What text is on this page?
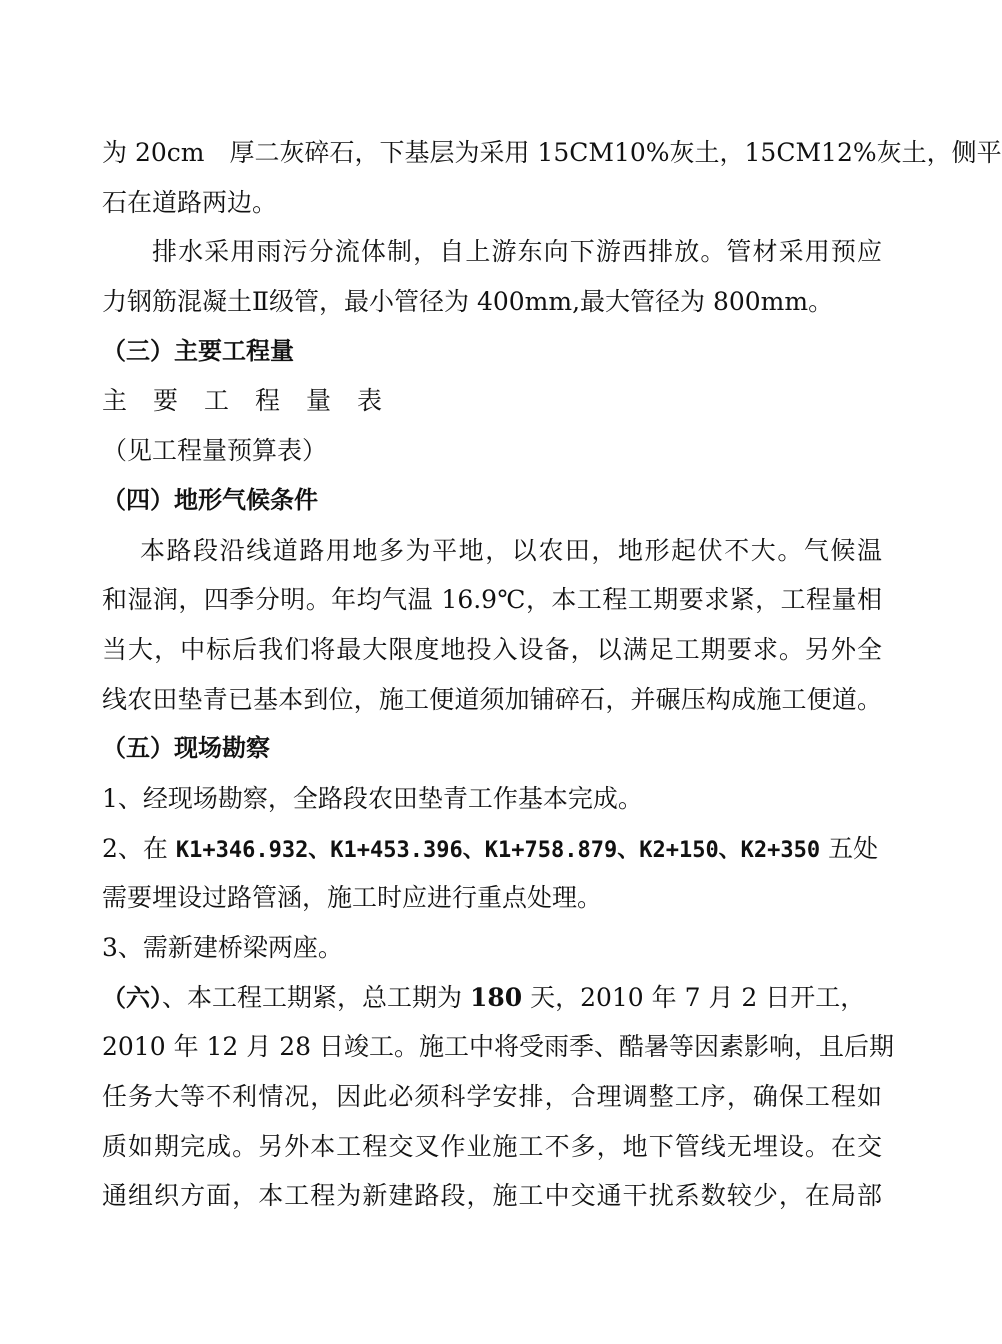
为 20cm　厚二灰碎石，下基层为采用 15CM10%灰土，15CM12%灰土，侧平
石在道路两边。
排水采用雨污分流体制，自上游东向下游西排放。管材采用预应
力钢筋混凝土Ⅱ级管，最小管径为 400mm,最大管径为 800mm。
（三）主要工程量
主 要 工 程 量 表
（见工程量预算表）
（四）地形气候条件
本路段沿线道路用地多为平地，以农田，地形起伏不大。气候温
和湿润，四季分明。年均气温 16.9℃，本工程工期要求紧，工程量相
当大，中标后我们将最大限度地投入设备，以满足工期要求。另外全
线农田垫青已基本到位，施工便道须加铺碎石，并碾压构成施工便道。
（五）现场勘察
1、经现场勘察，全路段农田垫青工作基本完成。
2、在 K1+346.932、K1+453.396、K1+758.879、K2+150、K2+350 五处
需要埋设过路管涵，施工时应进行重点处理。
3、需新建桥梁两座。
（六）、本工程工期紧，总工期为 180 天，2010 年 7 月 2 日开工，
2010 年 12 月 28 日竣工。施工中将受雨季、酷暑等因素影响，且后期
任务大等不利情况，因此必须科学安排，合理调整工序，确保工程如
质如期完成。另外本工程交叉作业施工不多，地下管线无埋设。在交
通组织方面，本工程为新建路段，施工中交通干扰系数较少，在局部
